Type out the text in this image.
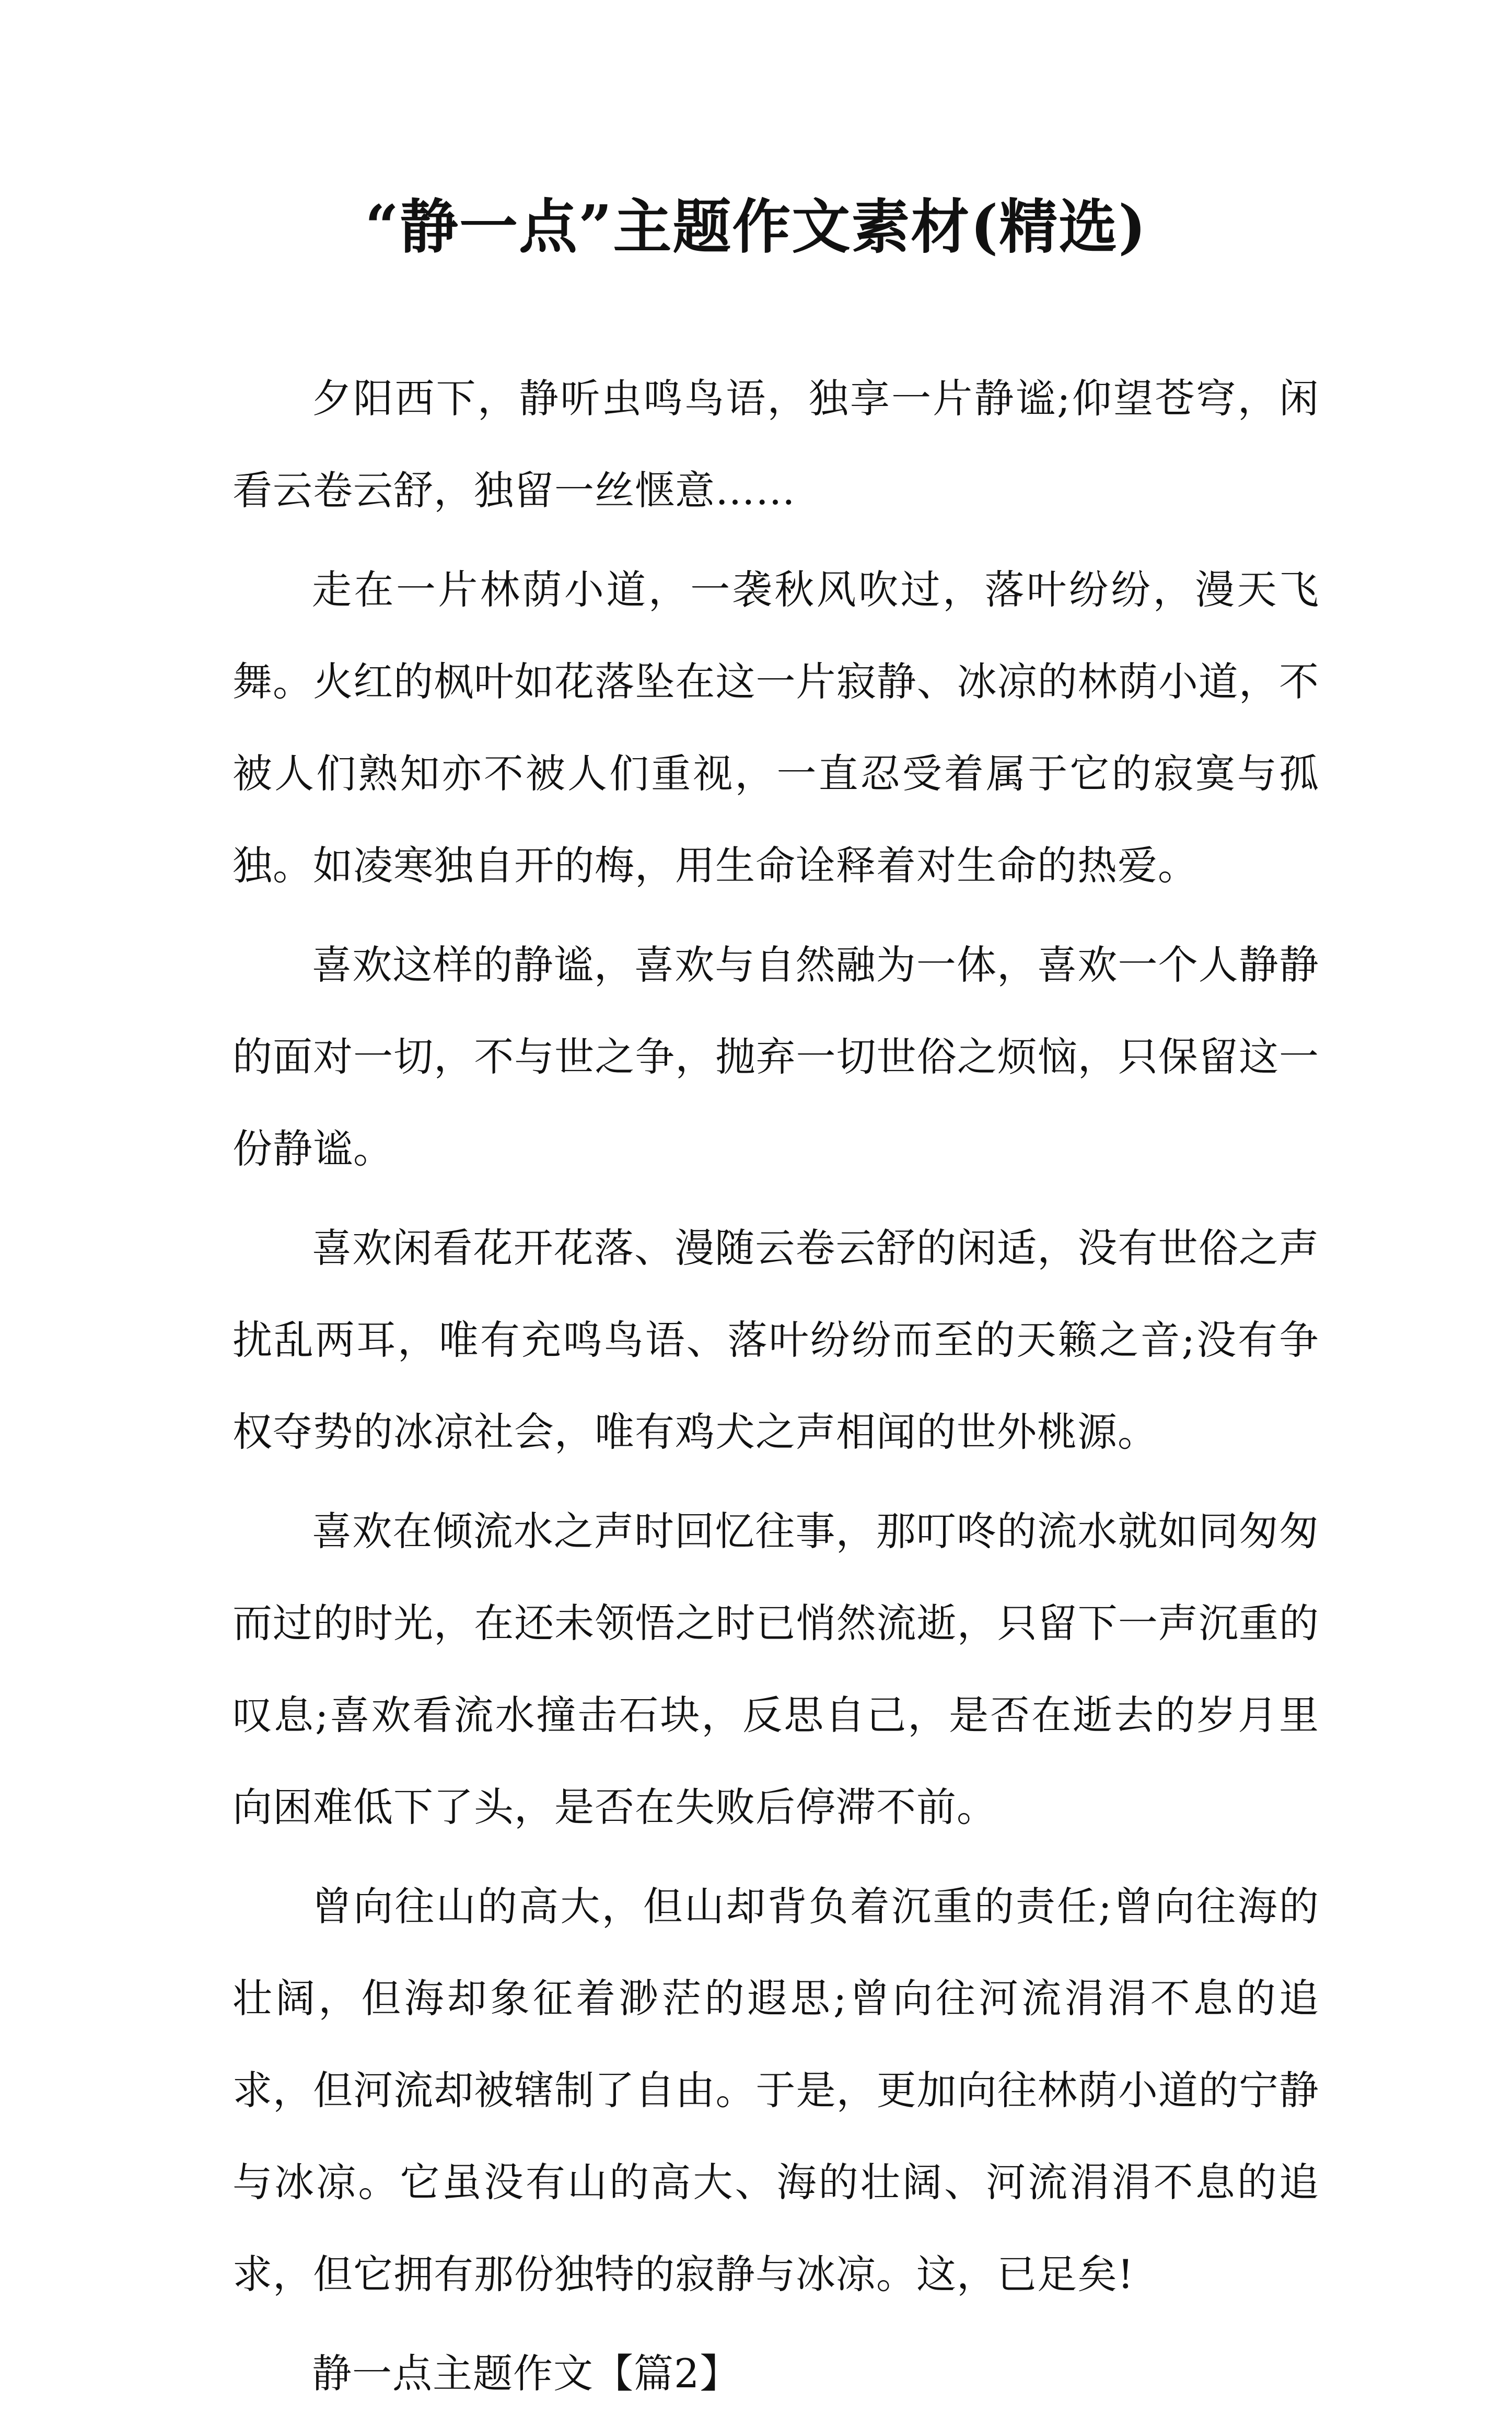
“静一点”主题作文素材(精选)

夕阳西下，静听虫鸣鸟语，独享一片静谧;仰望苍穹，闲看云卷云舒，独留一丝惬意……

走在一片林荫小道，一袭秋风吹过，落叶纷纷，漫天飞舞。火红的枫叶如花落坠在这一片寂静、冰凉的林荫小道，不被人们熟知亦不被人们重视，一直忍受着属于它的寂寞与孤独。如凌寒独自开的梅，用生命诠释着对生命的热爱。

喜欢这样的静谧，喜欢与自然融为一体，喜欢一个人静静的面对一切，不与世之争，抛弃一切世俗之烦恼，只保留这一份静谧。

喜欢闲看花开花落、漫随云卷云舒的闲适，没有世俗之声扰乱两耳，唯有充鸣鸟语、落叶纷纷而至的天籁之音;没有争权夺势的冰凉社会，唯有鸡犬之声相闻的世外桃源。

喜欢在倾流水之声时回忆往事，那叮咚的流水就如同匆匆而过的时光，在还未领悟之时已悄然流逝，只留下一声沉重的叹息;喜欢看流水撞击石块，反思自己，是否在逝去的岁月里向困难低下了头，是否在失败后停滞不前。

曾向往山的高大，但山却背负着沉重的责任;曾向往海的壮阔，但海却象征着渺茫的遐思;曾向往河流涓涓不息的追求，但河流却被辖制了自由。于是，更加向往林荫小道的宁静与冰凉。它虽没有山的高大、海的壮阔、河流涓涓不息的追求，但它拥有那份独特的寂静与冰凉。这，已足矣!

静一点主题作文【篇2】
